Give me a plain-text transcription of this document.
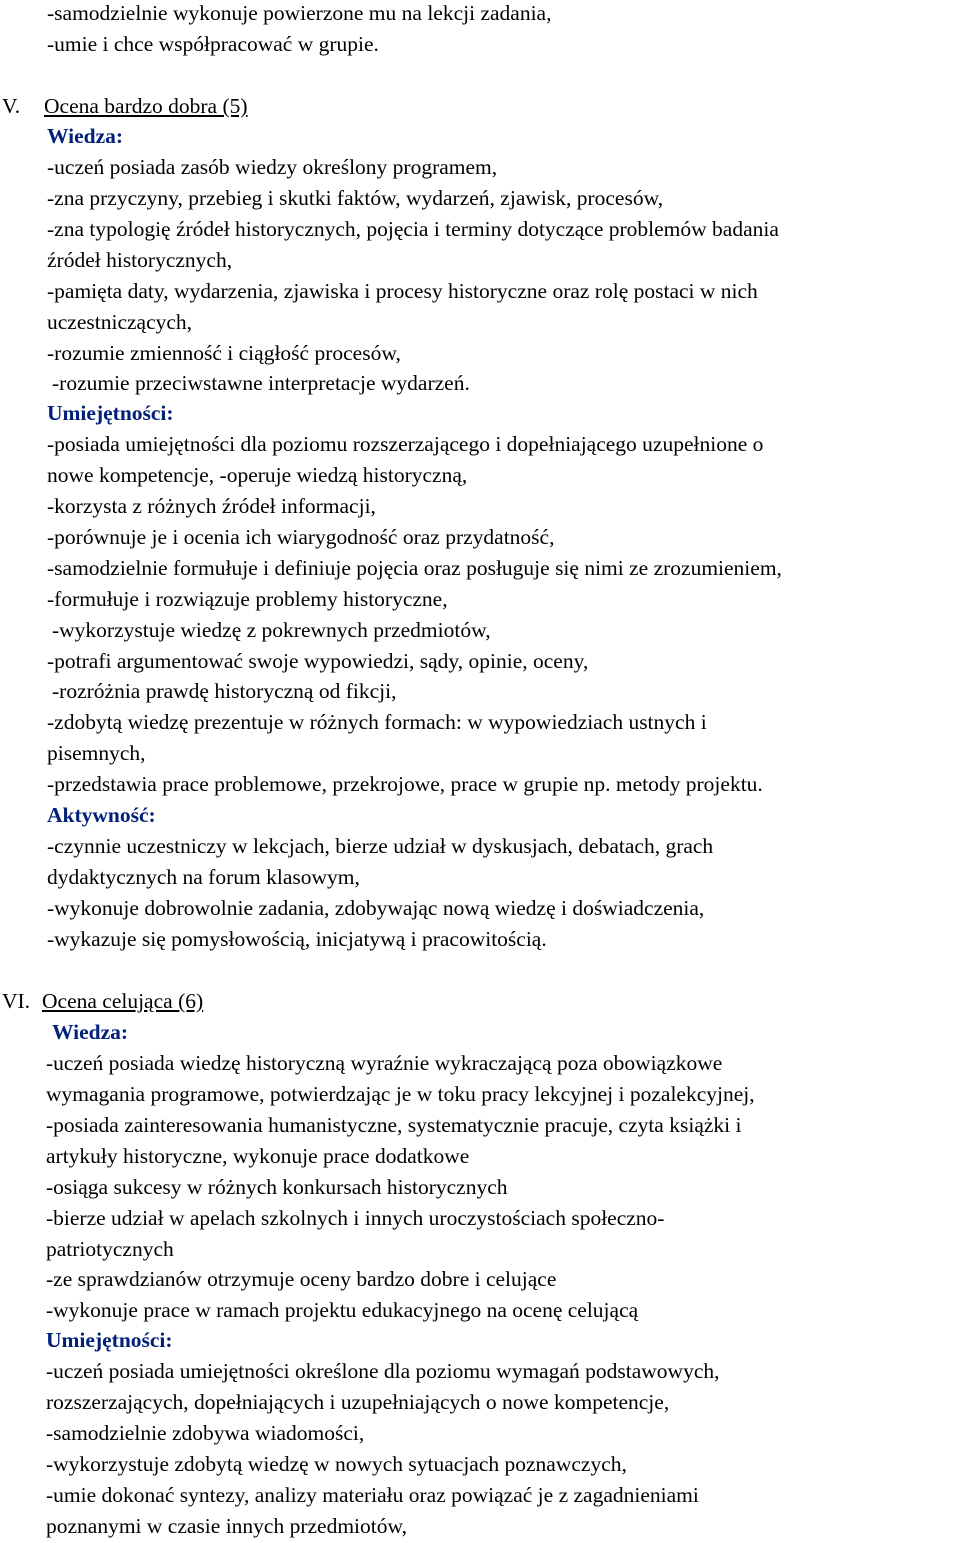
-samodzielnie wykonuje powierzone mu na lekcji zadania,
-umie i chce współpracować w grupie.
V. Ocena bardzo dobra (5)
Wiedza:
-uczeń posiada zasób wiedzy określony programem,
-zna przyczyny, przebieg i skutki faktów, wydarzeń, zjawisk, procesów,
-zna typologię źródeł historycznych, pojęcia i terminy dotyczące problemów badania
źródeł historycznych,
-pamięta daty, wydarzenia, zjawiska i procesy historyczne oraz rolę postaci w nich
uczestniczących,
-rozumie zmienność i ciągłość procesów,
-rozumie przeciwstawne interpretacje wydarzeń.
Umiejętności:
-posiada umiejętności dla poziomu rozszerzającego i dopełniającego uzupełnione o
nowe kompetencje, -operuje wiedzą historyczną,
-korzysta z różnych źródeł informacji,
-porównuje je i ocenia ich wiarygodność oraz przydatność,
-samodzielnie formułuje i definiuje pojęcia oraz posługuje się nimi ze zrozumieniem,
-formułuje i rozwiązuje problemy historyczne,
-wykorzystuje wiedzę z pokrewnych przedmiotów,
-potrafi argumentować swoje wypowiedzi, sądy, opinie, oceny,
-rozróżnia prawdę historyczną od fikcji,
-zdobytą wiedzę prezentuje w różnych formach: w wypowiedziach ustnych i
pisemnych,
-przedstawia prace problemowe, przekrojowe, prace w grupie np. metody projektu.
Aktywność:
-czynnie uczestniczy w lekcjach, bierze udział w dyskusjach, debatach, grach
dydaktycznych na forum klasowym,
-wykonuje dobrowolnie zadania, zdobywając nową wiedzę i doświadczenia,
-wykazuje się pomysłowością, inicjatywą i pracowitością.
VI. Ocena celująca (6)
Wiedza:
-uczeń posiada wiedzę historyczną wyraźnie wykraczającą poza obowiązkowe
wymagania programowe, potwierdzając je w toku pracy lekcyjnej i pozalekcyjnej,
-posiada zainteresowania humanistyczne, systematycznie pracuje, czyta książki i
artykuły historyczne, wykonuje prace dodatkowe
-osiąga sukcesy w różnych konkursach historycznych
-bierze udział w apelach szkolnych i innych uroczystościach społeczno-
patriotycznych
-ze sprawdzianów otrzymuje oceny bardzo dobre i celujące
-wykonuje prace w ramach projektu edukacyjnego na ocenę celującą
Umiejętności:
-uczeń posiada umiejętności określone dla poziomu wymagań podstawowych,
rozszerzających, dopełniających i uzupełniających o nowe kompetencje,
-samodzielnie zdobywa wiadomości,
-wykorzystuje zdobytą wiedzę w nowych sytuacjach poznawczych,
-umie dokonać syntezy, analizy materiału oraz powiązać je z zagadnieniami
poznanymi w czasie innych przedmiotów,
